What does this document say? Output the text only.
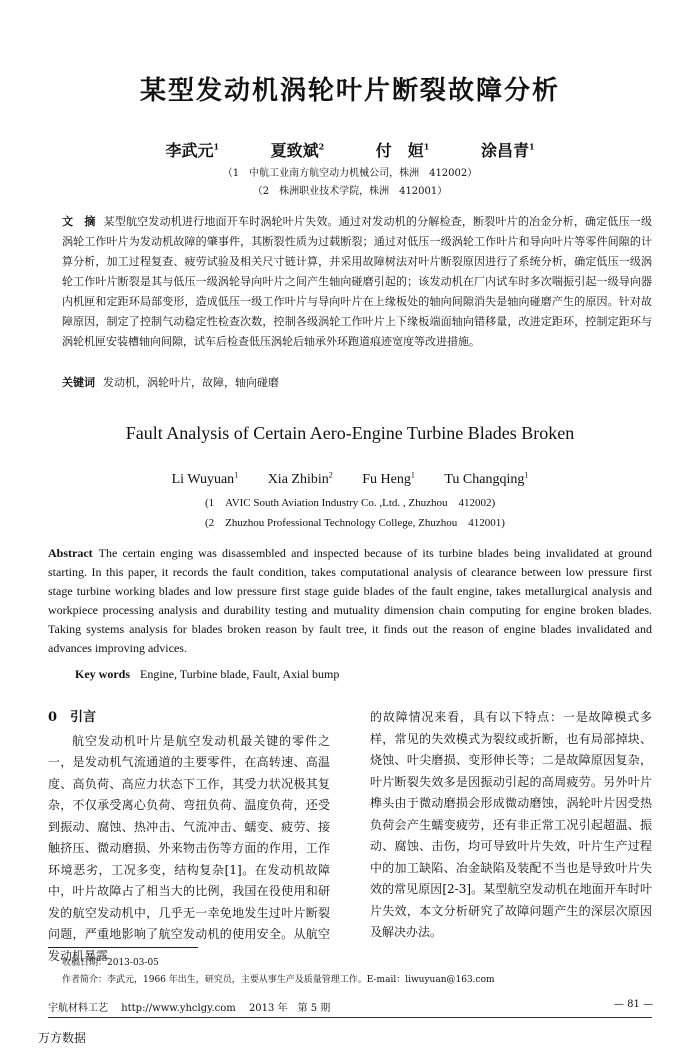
某型发动机涡轮叶片断裂故障分析
李武元$^1$	夏致斌$^2$	付　姮$^1$	涂昌青$^1$
（1　中航工业南方航空动力机械公司，株洲　412002）
（2　株洲职业技术学院，株洲　412001）
文　摘 某型航空发动机进行地面开车时涡轮叶片失效。通过对发动机的分解检查，断裂叶片的冶金分析，确定低压一级涡轮工作叶片为发动机故障的肇事件，其断裂性质为过载断裂；通过对低压一级涡轮工作叶片和导向叶片等零件间隙的计算分析，加工过程复查、疲劳试验及相关尺寸链计算，并采用故障树法对叶片断裂原因进行了系统分析，确定低压一级涡轮工作叶片断裂是其与低压一级涡轮导向叶片之间产生轴向碰磨引起的；该发动机在厂内试车时多次喘振引起一级导向器内机匣和定距环局部变形，造成低压一级工作叶片与导向叶片在上缘板处的轴向间隙消失是轴向碰磨产生的原因。针对故障原因，制定了控制气动稳定性检查次数，控制各级涡轮工作叶片上下缘板端面轴向错移量，改进定距环，控制定距环与涡轮机匣安装槽轴向间隙，试车后检查低压涡轮后轴承外环跑道痕迹宽度等改进措施。
关键词 发动机，涡轮叶片，故障，轴向碰磨
Fault Analysis of Certain Aero-Engine Turbine Blades Broken
Li Wuyuan$^1$ Xia Zhibin$^2$ Fu Heng$^1$ Tu Changqing$^1$
(1　AVIC South Aviation Industry Co. ,Ltd. , Zhuzhou　412002)
(2　Zhuzhou Professional Technology College, Zhuzhou　412001)
Abstract The certain enging was disassembled and inspected because of its turbine blades being invalidated at ground starting. In this paper, it records the fault condition, takes computational analysis of clearance between low pressure first stage turbine working blades and low pressure first stage guide blades of the fault engine, takes metallurgical analysis and workpiece processing analysis and durability testing and mutuality dimension chain computing for engine broken blades. Taking systems analysis for blades broken reason by fault tree, it finds out the reason of engine blades invalidated and advances improving advices.
Key words Engine, Turbine blade, Fault, Axial bump
0　引言
航空发动机叶片是航空发动机最关键的零件之一，是发动机气流通道的主要零件，在高转速、高温度、高负荷、高应力状态下工作，其受力状况极其复杂，不仅承受离心负荷、弯扭负荷、温度负荷，还受到振动、腐蚀、热冲击、气流冲击、蠕变、疲劳、接触挤压、微动磨损、外来物击伤等方面的作用，工作环境恶劣，工况多变，结构复杂[1]。在发动机故障中，叶片故障占了相当大的比例，我国在役使用和研发的航空发动机中，几乎无一幸免地发生过叶片断裂问题，严重地影响了航空发动机的使用安全。从航空发动机暴露
的故障情况来看，具有以下特点：一是故障模式多样，常见的失效模式为裂纹或折断，也有局部掉块、烧蚀、叶尖磨损、变形伸长等；二是故障原因复杂，叶片断裂失效多是因振动引起的高周疲劳。另外叶片榫头由于微动磨损会形成微动磨蚀，涡轮叶片因受热负荷会产生蠕变疲劳，还有非正常工况引起超温、振动、腐蚀、击伤，均可导致叶片失效，叶片生产过程中的加工缺陷、冶金缺陷及装配不当也是导致叶片失效的常见原因[2-3]。某型航空发动机在地面开车时叶片失效，本文分析研究了故障问题产生的深层次原因及解决办法。
收稿日期：2013-03-05
作者简介：李武元，1966 年出生，研究员，主要从事生产及质量管理工作。E-mail：liwuyuan@163.com
宇航材料工艺 http://www.yhclgy.com 2013 年　第 5 期	— 81 —
万方数据
